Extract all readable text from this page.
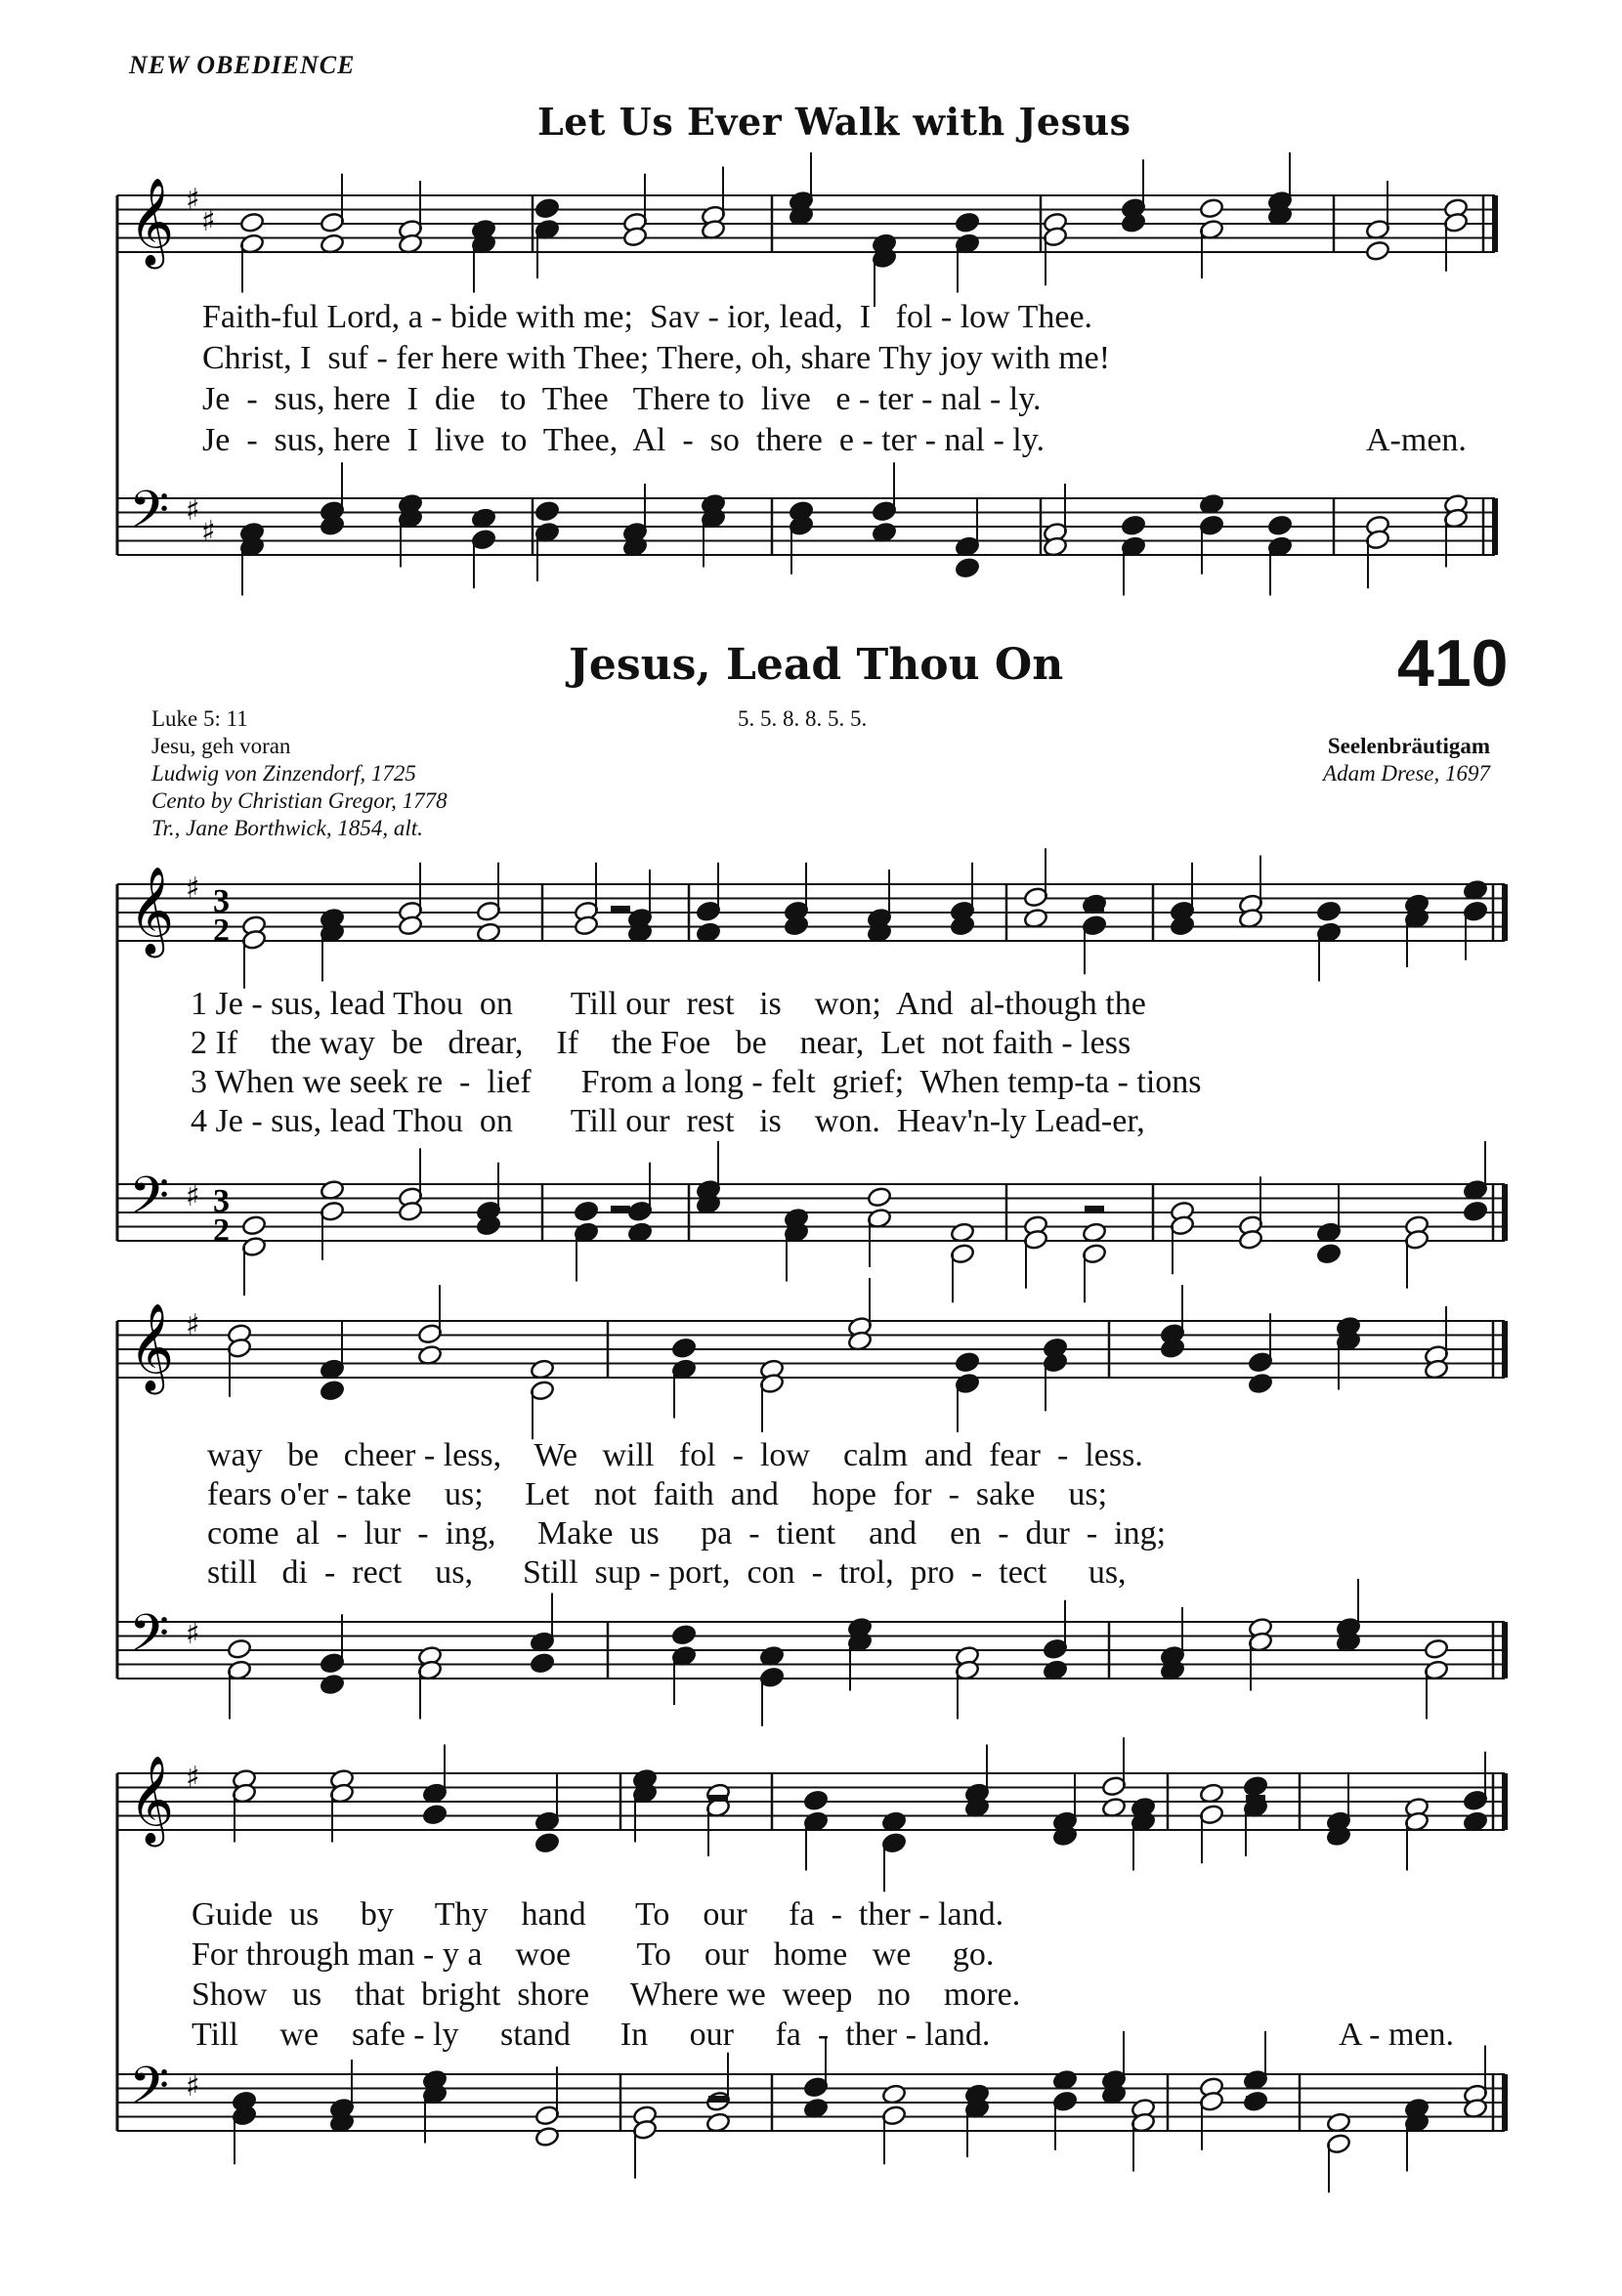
NEW OBEDIENCE
Let Us Ever Walk with Jesus
Faith-ful Lord, a - bide with me;  Sav - ior, lead,  I   fol - low Thee.
Christ, I  suf - fer here with Thee; There, oh, share Thy joy with me!
Je  -  sus, here  I  die   to  Thee   There to  live   e - ter - nal - ly.
Je  -  sus, here  I  live  to  Thee,  Al  -  so  there  e - ter - nal - ly.	A-men.
Jesus, Lead Thou On	410
Luke 5: 11
Jesu, geh voran
Ludwig von Zinzendorf, 1725
Cento by Christian Gregor, 1778
Tr., Jane Borthwick, 1854, alt.
5. 5. 8. 8. 5. 5.
Seelenbräutigam
Adam Drese, 1697
1 Je - sus, lead Thou  on       Till our  rest   is    won;  And  al-though the
2 If    the way  be   drear,    If    the Foe   be    near,  Let  not faith - less
3 When we seek re  -  lief      From a long - felt  grief;  When temp-ta - tions
4 Je - sus, lead Thou  on       Till our  rest   is    won.  Heav'n-ly Lead-er,
way   be   cheer - less,    We   will   fol  -  low    calm  and  fear  -  less.
fears o'er - take    us;     Let   not  faith  and    hope  for  -  sake    us;
come  al  -  lur  -  ing,     Make  us     pa  -  tient    and    en  -  dur  -  ing;
still   di  -  rect    us,      Still  sup - port,  con  -  trol,  pro  -  tect     us,
Guide  us     by     Thy    hand      To    our     fa  -  ther - land.
For through man - y a    woe        To    our   home   we     go.
Show   us    that  bright  shore     Where we  weep   no    more.
Till     we    safe - ly     stand      In     our     fa  -  ther - land.	A - men.
𝄞
𝄢
♯
♯
♯
♯
𝄞
𝄢
♯
♯
3
2
3
2
𝄞
𝄢
♯
♯
𝄞
𝄢
♯
♯
